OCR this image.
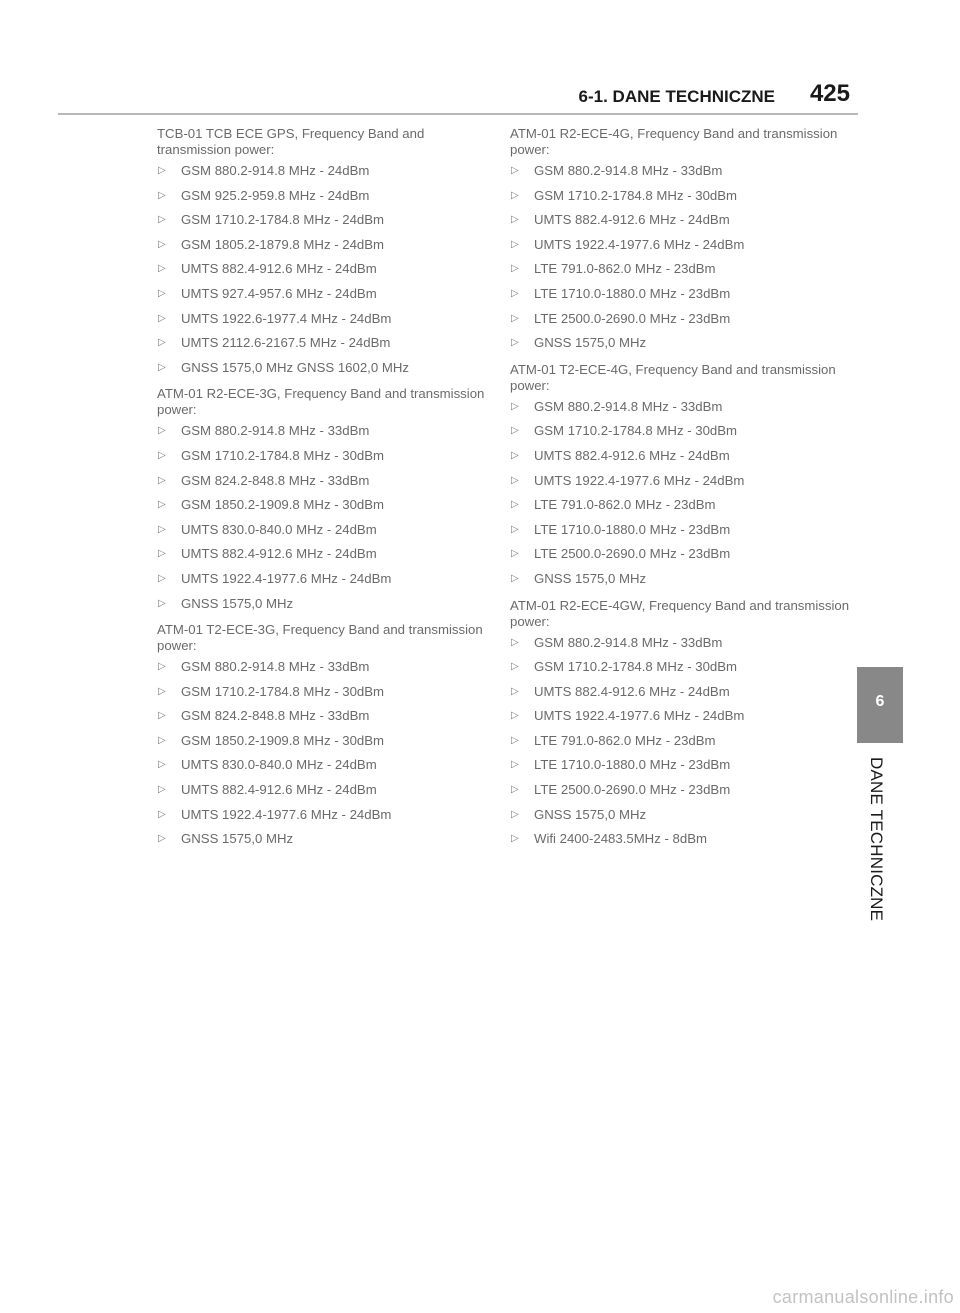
6-1. DANE TECHNICZNE 425
TCB-01 TCB ECE GPS, Frequency Band and transmission power:
▷ GSM 880.2-914.8 MHz - 24dBm
▷ GSM 925.2-959.8 MHz - 24dBm
▷ GSM 1710.2-1784.8 MHz - 24dBm
▷ GSM 1805.2-1879.8 MHz - 24dBm
▷ UMTS 882.4-912.6 MHz - 24dBm
▷ UMTS 927.4-957.6 MHz - 24dBm
▷ UMTS 1922.6-1977.4 MHz - 24dBm
▷ UMTS 2112.6-2167.5 MHz - 24dBm
▷ GNSS 1575,0 MHz GNSS 1602,0 MHz
ATM-01 R2-ECE-3G, Frequency Band and transmission power:
▷ GSM 880.2-914.8 MHz - 33dBm
▷ GSM 1710.2-1784.8 MHz - 30dBm
▷ GSM 824.2-848.8 MHz - 33dBm
▷ GSM 1850.2-1909.8 MHz - 30dBm
▷ UMTS 830.0-840.0 MHz - 24dBm
▷ UMTS 882.4-912.6 MHz - 24dBm
▷ UMTS 1922.4-1977.6 MHz - 24dBm
▷ GNSS 1575,0 MHz
ATM-01 T2-ECE-3G, Frequency Band and transmission power:
▷ GSM 880.2-914.8 MHz - 33dBm
▷ GSM 1710.2-1784.8 MHz - 30dBm
▷ GSM 824.2-848.8 MHz - 33dBm
▷ GSM 1850.2-1909.8 MHz - 30dBm
▷ UMTS 830.0-840.0 MHz - 24dBm
▷ UMTS 882.4-912.6 MHz - 24dBm
▷ UMTS 1922.4-1977.6 MHz - 24dBm
▷ GNSS 1575,0 MHz
ATM-01 R2-ECE-4G, Frequency Band and transmission power:
▷ GSM 880.2-914.8 MHz - 33dBm
▷ GSM 1710.2-1784.8 MHz - 30dBm
▷ UMTS 882.4-912.6 MHz - 24dBm
▷ UMTS 1922.4-1977.6 MHz - 24dBm
▷ LTE 791.0-862.0 MHz - 23dBm
▷ LTE 1710.0-1880.0 MHz - 23dBm
▷ LTE 2500.0-2690.0 MHz - 23dBm
▷ GNSS 1575,0 MHz
ATM-01 T2-ECE-4G, Frequency Band and transmission power:
▷ GSM 880.2-914.8 MHz - 33dBm
▷ GSM 1710.2-1784.8 MHz - 30dBm
▷ UMTS 882.4-912.6 MHz - 24dBm
▷ UMTS 1922.4-1977.6 MHz - 24dBm
▷ LTE 791.0-862.0 MHz - 23dBm
▷ LTE 1710.0-1880.0 MHz - 23dBm
▷ LTE 2500.0-2690.0 MHz - 23dBm
▷ GNSS 1575,0 MHz
ATM-01 R2-ECE-4GW, Frequency Band and transmission power:
▷ GSM 880.2-914.8 MHz - 33dBm
▷ GSM 1710.2-1784.8 MHz - 30dBm
▷ UMTS 882.4-912.6 MHz - 24dBm
▷ UMTS 1922.4-1977.6 MHz - 24dBm
▷ LTE 791.0-862.0 MHz - 23dBm
▷ LTE 1710.0-1880.0 MHz - 23dBm
▷ LTE 2500.0-2690.0 MHz - 23dBm
▷ GNSS 1575,0 MHz
▷ Wifi 2400-2483.5MHz - 8dBm
6
DANE TECHNICZNE
carmanualsonline.info
